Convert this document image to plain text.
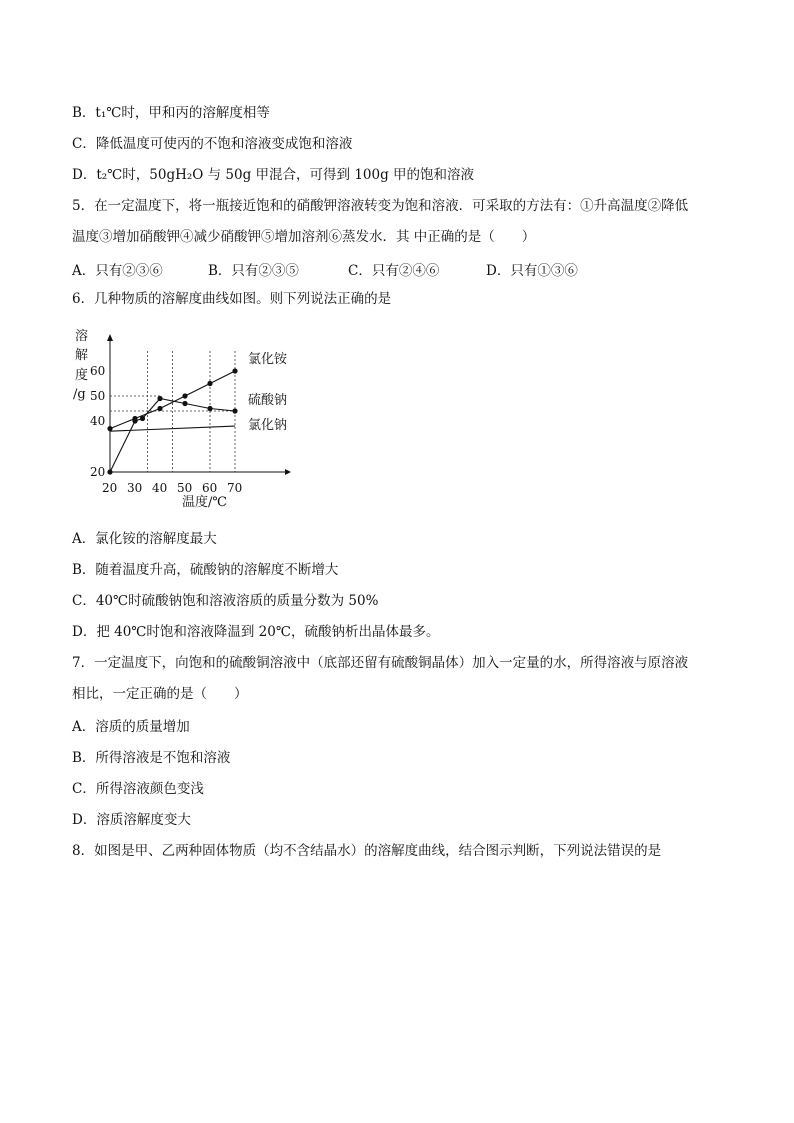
B．t₁℃时，甲和丙的溶解度相等
C．降低温度可使丙的不饱和溶液变成饱和溶液
D．t₂℃时，50gH₂O 与 50g 甲混合，可得到 100g 甲的饱和溶液
5．在一定温度下，将一瓶接近饱和的硝酸钾溶液转变为饱和溶液．可采取的方法有：①升高温度②降低
温度③增加硝酸钾④减少硝酸钾⑤增加溶剂⑥蒸发水．其 中正确的是（　　）
A．只有②③⑥	B．只有②③⑤	C．只有②④⑥	D．只有①③⑥
6．几种物质的溶解度曲线如图。则下列说法正确的是
溶
解
度
/g
20
40
50
60
20 30 40 50 60 70
温度/℃
氯化铵
硫酸钠
氯化钠
A．氯化铵的溶解度最大
B．随着温度升高，硫酸钠的溶解度不断增大
C．40℃时硫酸钠饱和溶液溶质的质量分数为 50%
D．把 40℃时饱和溶液降温到 20℃，硫酸钠析出晶体最多。
7．一定温度下，向饱和的硫酸铜溶液中（底部还留有硫酸铜晶体）加入一定量的水，所得溶液与原溶液
相比，一定正确的是（　　）
A．溶质的质量增加
B．所得溶液是不饱和溶液
C．所得溶液颜色变浅
D．溶质溶解度变大
8．如图是甲、乙两种固体物质（均不含结晶水）的溶解度曲线，结合图示判断，下列说法错误的是
